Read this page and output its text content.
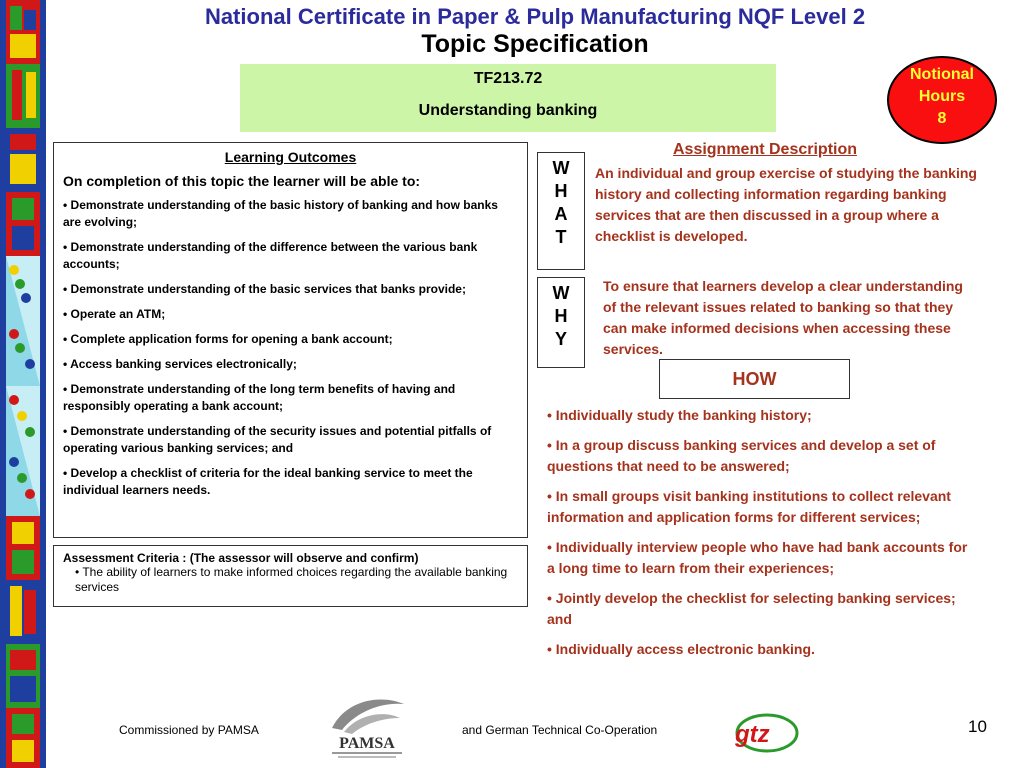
National Certificate in Paper & Pulp Manufacturing NQF Level 2
Topic Specification
TF213.72
Understanding banking
Notional
Hours
8
Learning Outcomes
On completion of this topic the learner will be able to:
• Demonstrate understanding of the basic history of banking and how banks are evolving;
• Demonstrate understanding of the difference between the various bank accounts;
• Demonstrate understanding of the basic services that banks provide;
• Operate an ATM;
• Complete application forms for opening a bank account;
• Access banking services electronically;
• Demonstrate understanding of the long term benefits of having and responsibly operating a bank account;
• Demonstrate understanding of the security issues and potential pitfalls of operating various banking services; and
• Develop a checklist of criteria for the ideal banking service to meet the individual learners needs.
Assessment Criteria : (The assessor will observe and confirm)
• The ability of learners to make informed choices regarding the available banking services
W
H
A
T
W
H
Y
Assignment Description
An individual and group exercise of studying the banking history and collecting information regarding banking services that are then discussed in a group where a checklist is developed.
To ensure that learners develop a clear understanding of the relevant issues related to banking so that they can make informed decisions when accessing these services.
HOW
• Individually study the banking history;
• In a group discuss banking services and develop a set of questions that need to be answered;
• In small groups visit banking institutions to collect relevant information and application forms for different services;
• Individually interview people who have had bank accounts for a long time to learn from their experiences;
• Jointly develop the checklist for selecting banking services; and
• Individually access electronic banking.
Commissioned by PAMSA
PAMSA
and German Technical Co-Operation	gtz	10
